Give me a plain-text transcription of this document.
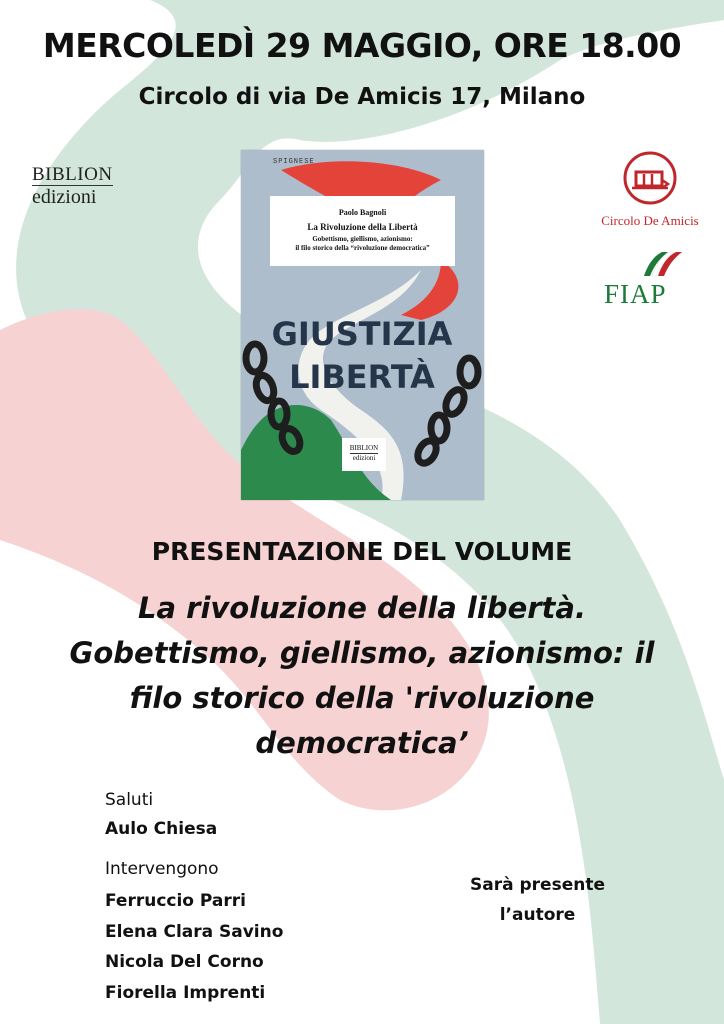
MERCOLEDÌ 29 MAGGIO, ORE 18.00
Circolo di via De Amicis 17, Milano
BIBLION
edizioni
Circolo De Amicis
FIAP
GIUSTIZIA
LIBERTÀ
SPIGNESE
Paolo Bagnoli
La Rivoluzione della Libertà
Gobettismo, giellismo, azionismo:
il filo storico della “rivoluzione democratica”
BIBLION
edizioni
PRESENTAZIONE DEL VOLUME
La rivoluzione della libertà.
Gobettismo, giellismo, azionismo: il
filo storico della 'rivoluzione
democratica’
Saluti
Aulo Chiesa
Intervengono
Ferruccio Parri
Elena Clara Savino
Nicola Del Corno
Fiorella Imprenti
Sarà presente
l’autore
